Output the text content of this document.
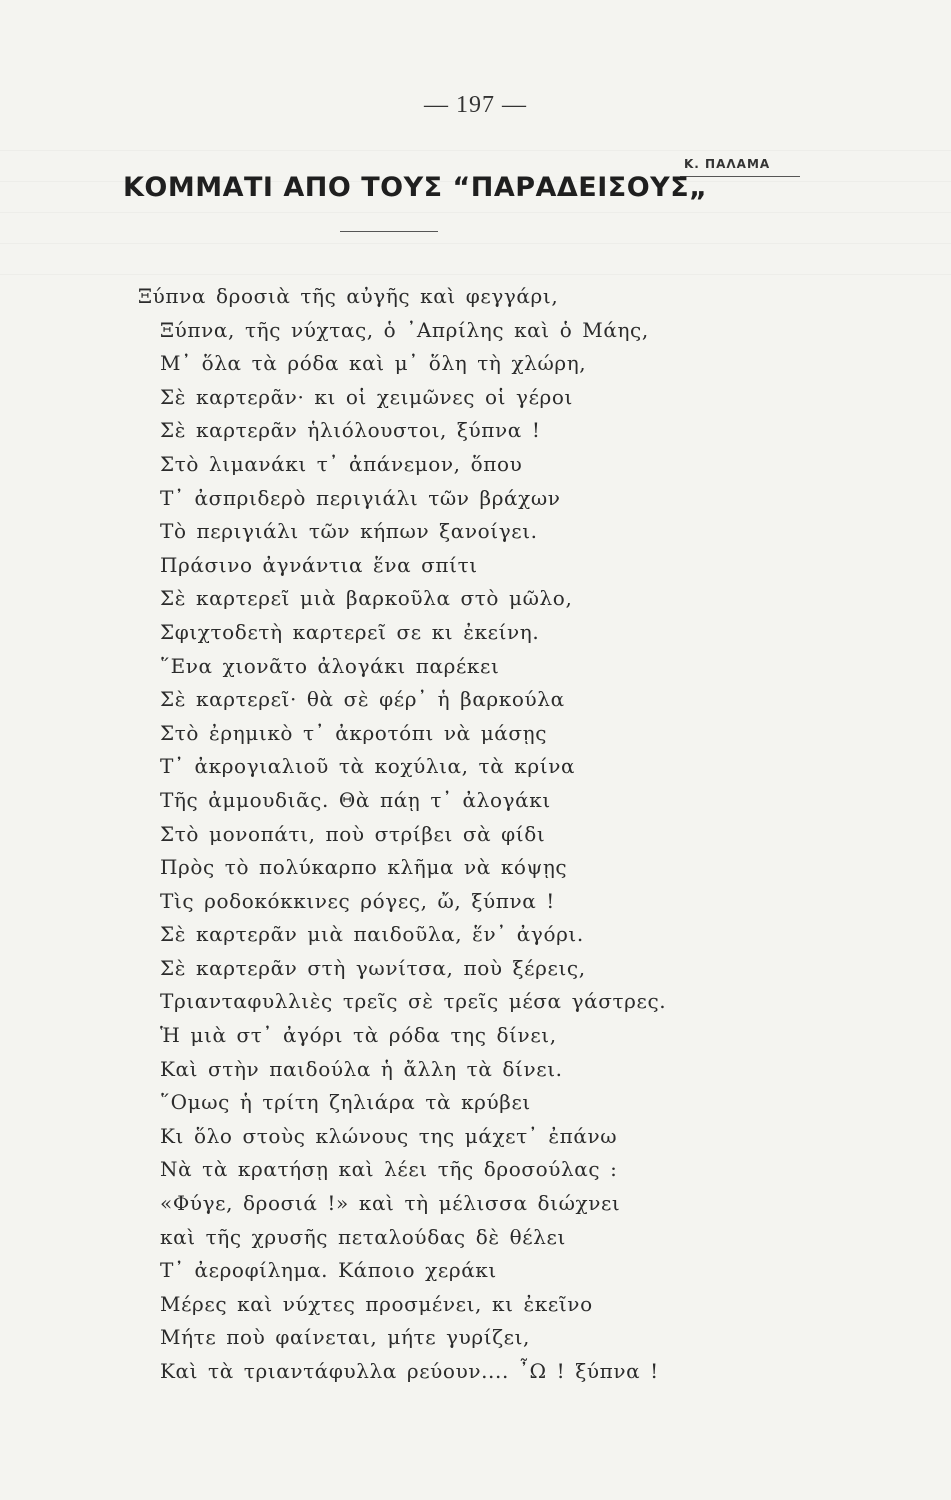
— 197 —
Κ. ΠΑΛΑΜΑ
ΚΟΜΜΑΤΙ ΑΠΟ ΤΟΥΣ “ΠΑΡΑΔΕΙΣΟΥΣ„
Ξύπνα δροσιὰ τῆς αὐγῆς καὶ φεγγάρι,
Ξύπνα, τῆς νύχτας, ὁ ᾿Απρίλης καὶ ὁ Μάης,
Μ᾿ ὅλα τὰ ρόδα καὶ μ᾿ ὅλη τὴ χλώρη,
Σὲ καρτερᾶν· κι οἱ χειμῶνες οἱ γέροι
Σὲ καρτερᾶν ἡλιόλουστοι, ξύπνα !
Στὸ λιμανάκι τ᾿ ἀπάνεμον, ὅπου
Τ᾿ ἀσπριδερὸ περιγιάλι τῶν βράχων
Τὸ περιγιάλι τῶν κήπων ξανοίγει.
Πράσινο ἀγνάντια ἕνα σπίτι
Σὲ καρτερεῖ μιὰ βαρκοῦλα στὸ μῶλο,
Σφιχτοδετὴ καρτερεῖ σε κι ἐκείνη.
῞Ενα χιονᾶτο ἀλογάκι παρέκει
Σὲ καρτερεῖ· θὰ σὲ φέρ᾿ ἡ βαρκούλα
Στὸ ἐρημικὸ τ᾿ ἀκροτόπι νὰ μάσῃς
Τ᾿ ἀκρογιαλιοῦ τὰ κοχύλια, τὰ κρίνα
Τῆς ἀμμουδιᾶς. Θὰ πάῃ τ᾿ ἀλογάκι
Στὸ μονοπάτι, ποὺ στρίβει σὰ φίδι
Πρὸς τὸ πολύκαρπο κλῆμα νὰ κόψῃς
Τὶς ροδοκόκκινες ρόγες, ὤ, ξύπνα !
Σὲ καρτερᾶν μιὰ παιδοῦλα, ἕν᾿ ἀγόρι.
Σὲ καρτερᾶν στὴ γωνίτσα, ποὺ ξέρεις,
Τριανταφυλλιὲς τρεῖς σὲ τρεῖς μέσα γάστρες.
Ἡ μιὰ στ᾿ ἀγόρι τὰ ρόδα της δίνει,
Καὶ στὴν παιδούλα ἡ ἄλλη τὰ δίνει.
῞Ομως ἡ τρίτη ζηλιάρα τὰ κρύβει
Κι ὅλο στοὺς κλώνους της μάχετ᾿ ἐπάνω
Νὰ τὰ κρατήσῃ καὶ λέει τῆς δροσούλας :
«Φύγε, δροσιά !» καὶ τὴ μέλισσα διώχνει
καὶ τῆς χρυσῆς πεταλούδας δὲ θέλει
Τ᾿ ἀεροφίλημα. Κάποιο χεράκι
Μέρες καὶ νύχτες προσμένει, κι ἐκεῖνο
Μήτε ποὺ φαίνεται, μήτε γυρίζει,
Καὶ τὰ τριαντάφυλλα ρεύουν.... ῏Ω ! ξύπνα !
